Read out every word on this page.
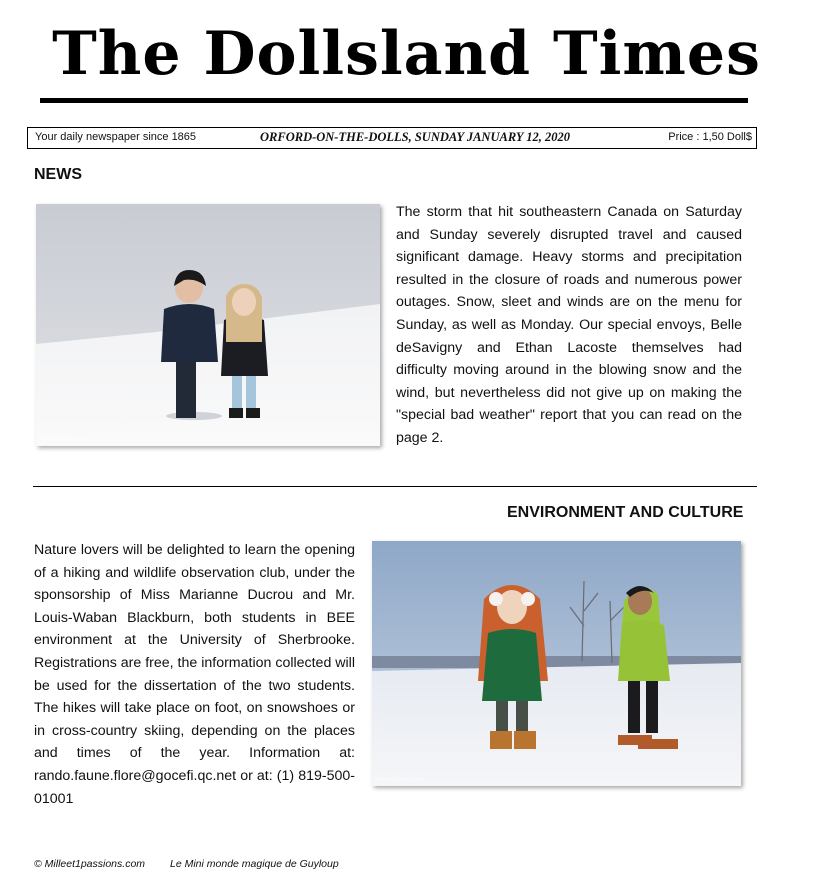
The Dollsland Times
Your daily newspaper since 1865	ORFORD-ON-THE-DOLLS, SUNDAY JANUARY 12, 2020	Price : 1,50 Doll$
NEWS
Milleet1passions.com
The storm that hit southeastern Canada on Saturday and Sunday severely disrupted travel and caused significant damage. Heavy storms and precipitation resulted in the closure of roads and numerous power outages. Snow, sleet and winds are on the menu for Sunday, as well as Monday. Our special envoys, Belle deSavigny and Ethan Lacoste themselves had difficulty moving around in the blowing snow and the wind, but nevertheless did not give up on making the "special bad weather" report that you can read on the page 2.
ENVIRONMENT AND CULTURE
Nature lovers will be delighted to learn the opening of a hiking and wildlife observation club, under the sponsorship of Miss Marianne Ducrou and Mr. Louis-Waban Blackburn, both students in BEE environment at the University of Sherbrooke. Registrations are free, the information collected will be used for the dissertation of the two students. The hikes will take place on foot, on snowshoes or in cross-country skiing, depending on the places and times of the year. Information at: rando.faune.flore@gocefi.qc.net or at: (1) 819-500-01001
Milleet1passions.com
© Milleet1passions.com Le Mini monde magique de Guyloup
